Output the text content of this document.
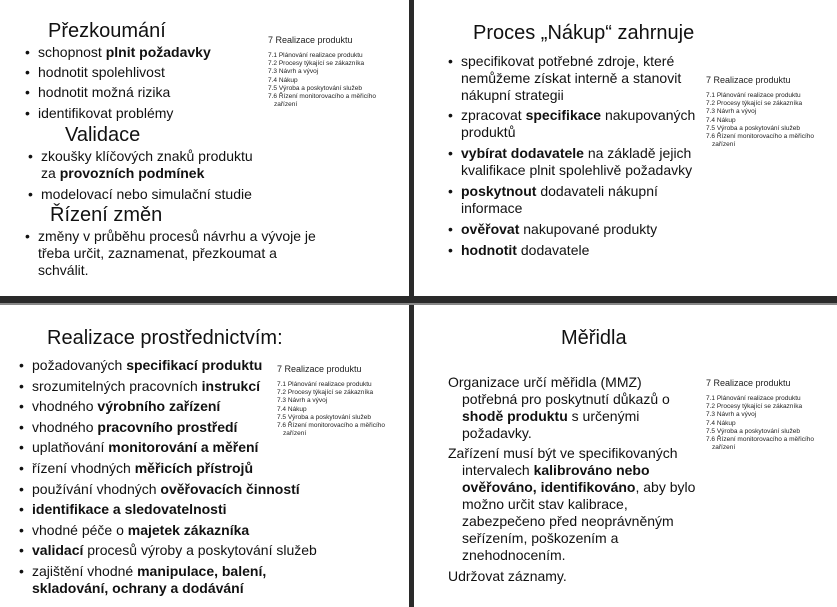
Přezkoumání
• schopnost plnit požadavky
• hodnotit spolehlivost
• hodnotit možná rizika
• identifikovat problémy
Validace
• zkoušky klíčových znaků produktu
za provozních podmínek
• modelovací nebo simulační studie
Řízení změn
• změny v průběhu procesů návrhu a vývoje je
třeba určit, zaznamenat, přezkoumat a
schválit.
7 Realizace produktu
7.1 Plánování realizace produktu
7.2 Procesy týkající se zákazníka
7.3 Návrh a vývoj
7.4 Nákup
7.5 Výroba a poskytování služeb
7.6 Řízení monitorovacího a měřicího
zařízení
Proces „Nákup“ zahrnuje
• specifikovat potřebné zdroje, které
nemůžeme získat interně a stanovit
nákupní strategii
• zpracovat specifikace nakupovaných
produktů
• vybírat dodavatele na základě jejich
kvalifikace plnit spolehlivě požadavky
• poskytnout dodavateli nákupní
informace
• ověřovat nakupované produkty
• hodnotit dodavatele
7 Realizace produktu
7.1 Plánování realizace produktu
7.2 Procesy týkající se zákazníka
7.3 Návrh a vývoj
7.4 Nákup
7.5 Výroba a poskytování služeb
7.6 Řízení monitorovacího a měřicího
zařízení
Realizace prostřednictvím:
• požadovaných specifikací produktu
• srozumitelných pracovních instrukcí
• vhodného výrobního zařízení
• vhodného pracovního prostředí
• uplatňování monitorování a měření
• řízení vhodných měřicích přístrojů
• používání vhodných ověřovacích činností
• identifikace a sledovatelnosti
• vhodné péče o majetek zákazníka
• validací procesů výroby a poskytování služeb
• zajištění vhodné manipulace, balení,
skladování, ochrany a dodávání
7 Realizace produktu
7.1 Plánování realizace produktu
7.2 Procesy týkající se zákazníka
7.3 Návrh a vývoj
7.4 Nákup
7.5 Výroba a poskytování služeb
7.6 Řízení monitorovacího a měřicího
zařízení
Měřidla
Organizace určí měřidla (MMZ)
potřebná pro poskytnutí důkazů o
shodě produktu s určenými
požadavky.
Zařízení musí být ve specifikovaných
intervalech kalibrováno nebo
ověřováno, identifikováno, aby bylo
možno určit stav kalibrace,
zabezpečeno před neoprávněným
seřízením, poškozením a
znehodnocením.
Udržovat záznamy.
7 Realizace produktu
7.1 Plánování realizace produktu
7.2 Procesy týkající se zákazníka
7.3 Návrh a vývoj
7.4 Nákup
7.5 Výroba a poskytování služeb
7.6 Řízení monitorovacího a měřicího
zařízení
